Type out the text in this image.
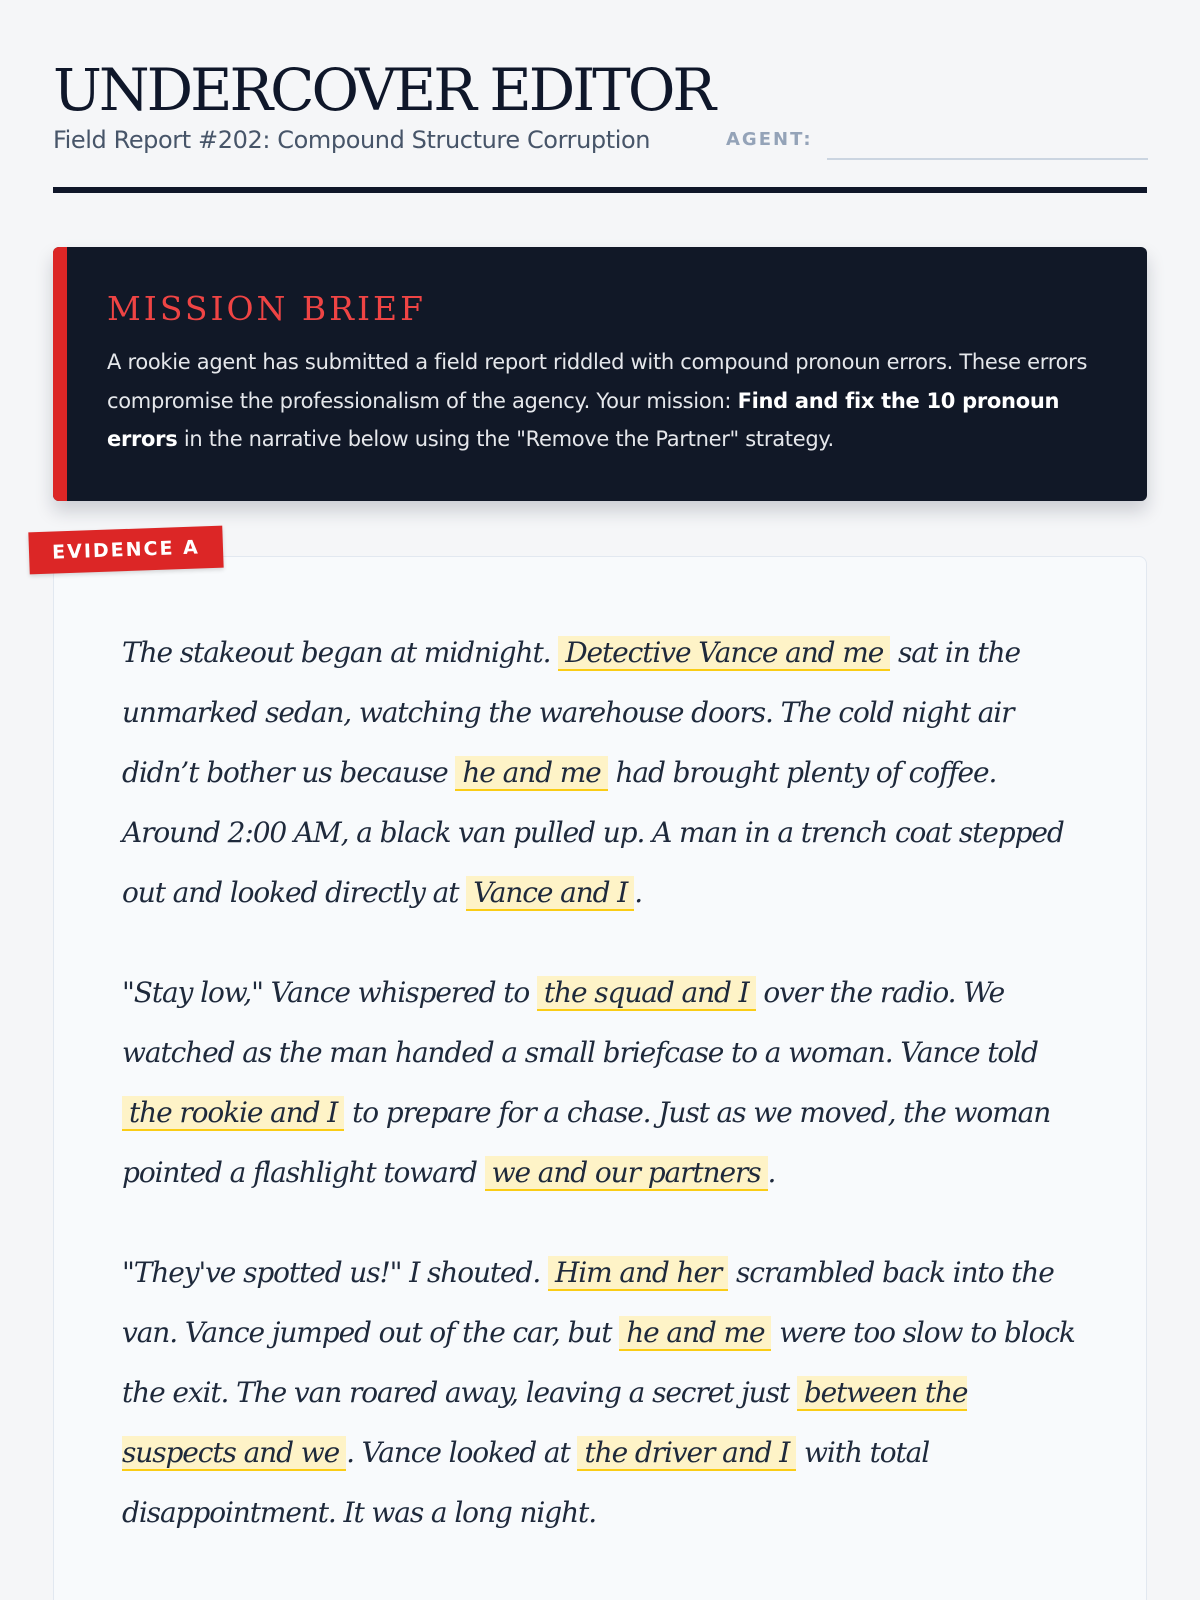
UNDERCOVER EDITOR
Field Report #202: Compound Structure Corruption	AGENT:
MISSION BRIEF

A rookie agent has submitted a field report riddled with compound pronoun errors. These errors compromise the professionalism of the agency. Your mission: Find and fix the 10 pronoun errors in the narrative below using the "Remove the Partner" strategy.

EVIDENCE A

The stakeout began at midnight. Detective Vance and me sat in the unmarked sedan, watching the warehouse doors. The cold night air didn’t bother us because he and me had brought plenty of coffee. Around 2:00 AM, a black van pulled up. A man in a trench coat stepped out and looked directly at Vance and I .

"Stay low," Vance whispered to the squad and I over the radio. We watched as the man handed a small briefcase to a woman. Vance told the rookie and I to prepare for a chase. Just as we moved, the woman pointed a flashlight toward we and our partners .

"They've spotted us!" I shouted. Him and her scrambled back into the van. Vance jumped out of the car, but he and me were too slow to block the exit. The van roared away, leaving a secret just between the suspects and we . Vance looked at the driver and I with total disappointment. It was a long night.
